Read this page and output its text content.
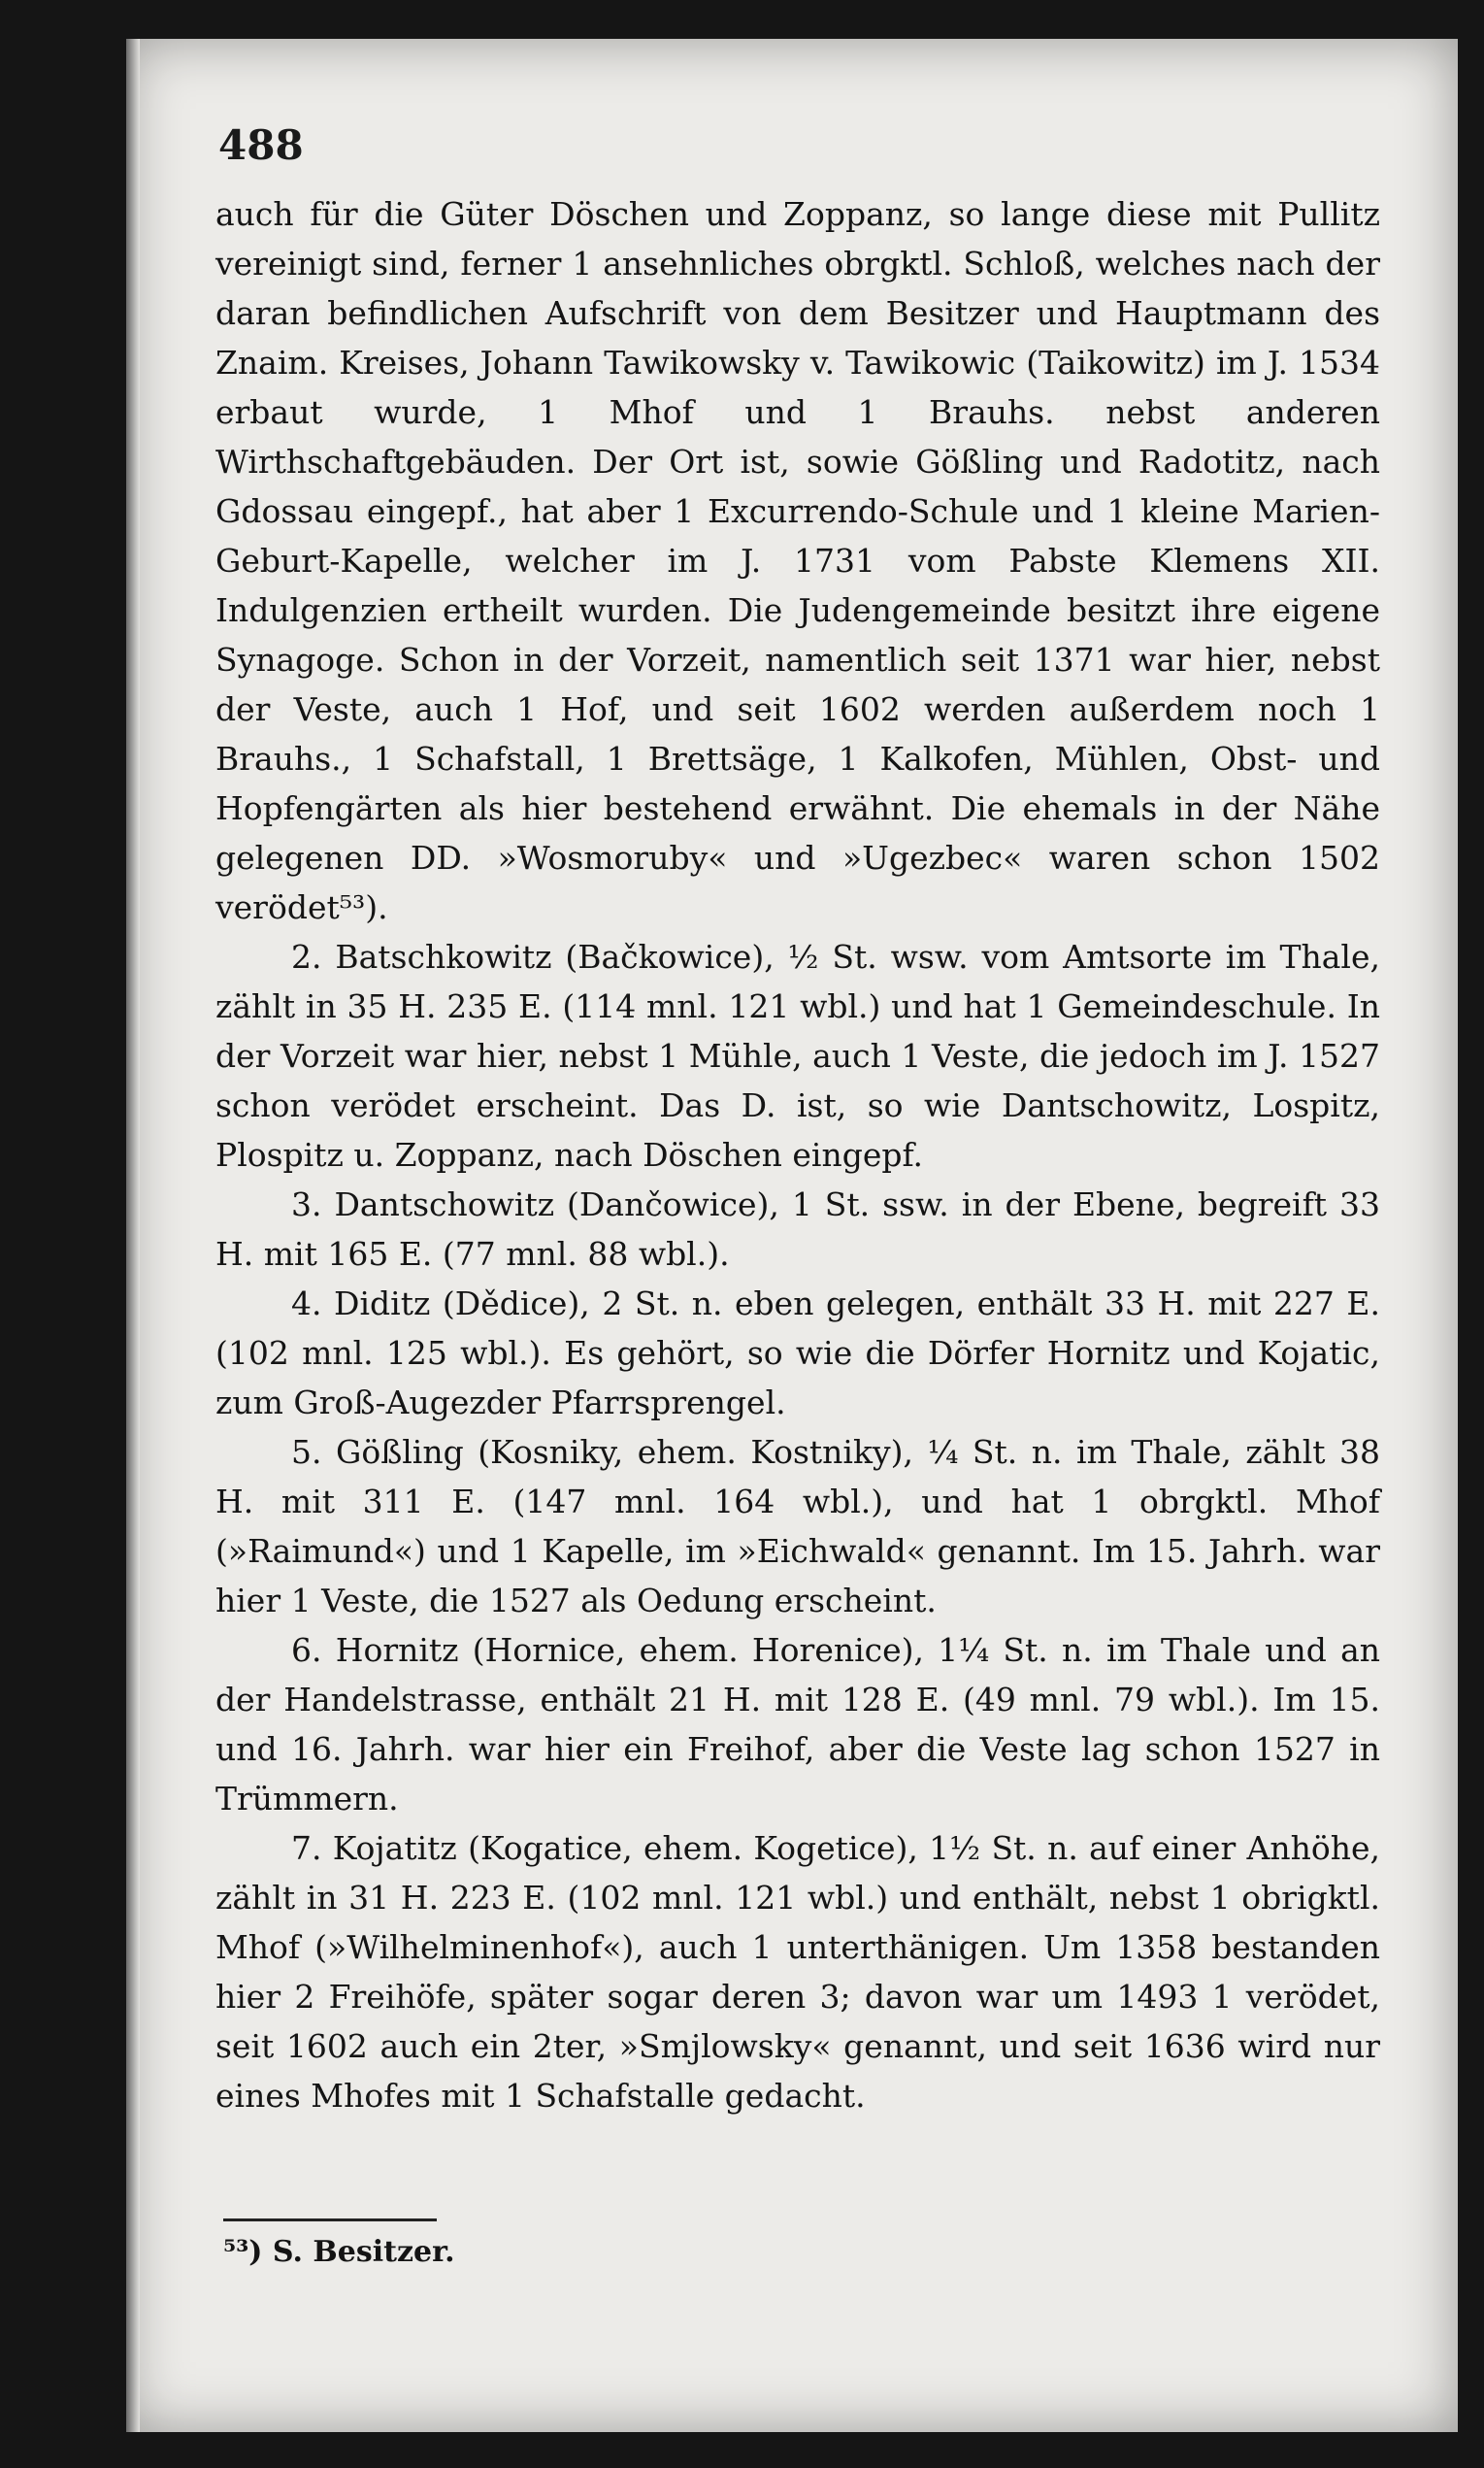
488

auch für die Güter Döschen und Zoppanz, so lange diese mit Pullitz vereinigt sind, ferner 1 ansehnliches obrgktl. Schloß, welches nach der daran befindlichen Aufschrift von dem Besitzer und Hauptmann des Znaim. Kreises, Johann Tawikowsky v. Tawikowic (Taikowitz) im J. 1534 erbaut wurde, 1 Mhof und 1 Brauhs. nebst anderen Wirthschaftgebäuden. Der Ort ist, sowie Gößling und Radotitz, nach Gdossau eingepf., hat aber 1 Excurrendo-Schule und 1 kleine Marien-Geburt-Kapelle, welcher im J. 1731 vom Pabste Klemens XII. Indulgenzien ertheilt wurden. Die Judengemeinde besitzt ihre eigene Synagoge. Schon in der Vorzeit, namentlich seit 1371 war hier, nebst der Veste, auch 1 Hof, und seit 1602 werden außerdem noch 1 Brauhs., 1 Schafstall, 1 Brettsäge, 1 Kalkofen, Mühlen, Obst- und Hopfengärten als hier bestehend erwähnt. Die ehemals in der Nähe gelegenen DD. »Wosmoruby« und »Ugezbec« waren schon 1502 verödet⁵³).

2. Batschkowitz (Bačkowice), ½ St. wsw. vom Amtsorte im Thale, zählt in 35 H. 235 E. (114 mnl. 121 wbl.) und hat 1 Gemeindeschule. In der Vorzeit war hier, nebst 1 Mühle, auch 1 Veste, die jedoch im J. 1527 schon verödet erscheint. Das D. ist, so wie Dantschowitz, Lospitz, Plospitz u. Zoppanz, nach Döschen eingepf.

3. Dantschowitz (Dančowice), 1 St. ssw. in der Ebene, begreift 33 H. mit 165 E. (77 mnl. 88 wbl.).

4. Diditz (Dědice), 2 St. n. eben gelegen, enthält 33 H. mit 227 E. (102 mnl. 125 wbl.). Es gehört, so wie die Dörfer Hornitz und Kojatic, zum Groß-Augezder Pfarrsprengel.

5. Gößling (Kosniky, ehem. Kostniky), ¼ St. n. im Thale, zählt 38 H. mit 311 E. (147 mnl. 164 wbl.), und hat 1 obrgktl. Mhof (»Raimund«) und 1 Kapelle, im »Eichwald« genannt. Im 15. Jahrh. war hier 1 Veste, die 1527 als Oedung erscheint.

6. Hornitz (Hornice, ehem. Horenice), 1¼ St. n. im Thale und an der Handelstrasse, enthält 21 H. mit 128 E. (49 mnl. 79 wbl.). Im 15. und 16. Jahrh. war hier ein Freihof, aber die Veste lag schon 1527 in Trümmern.

7. Kojatitz (Kogatice, ehem. Kogetice), 1½ St. n. auf einer Anhöhe, zählt in 31 H. 223 E. (102 mnl. 121 wbl.) und enthält, nebst 1 obrigktl. Mhof (»Wilhelminenhof«), auch 1 unterthänigen. Um 1358 bestanden hier 2 Freihöfe, später sogar deren 3; davon war um 1493 1 verödet, seit 1602 auch ein 2ter, »Smjlowsky« genannt, und seit 1636 wird nur eines Mhofes mit 1 Schafstalle gedacht.

⁵³) S. Besitzer.
